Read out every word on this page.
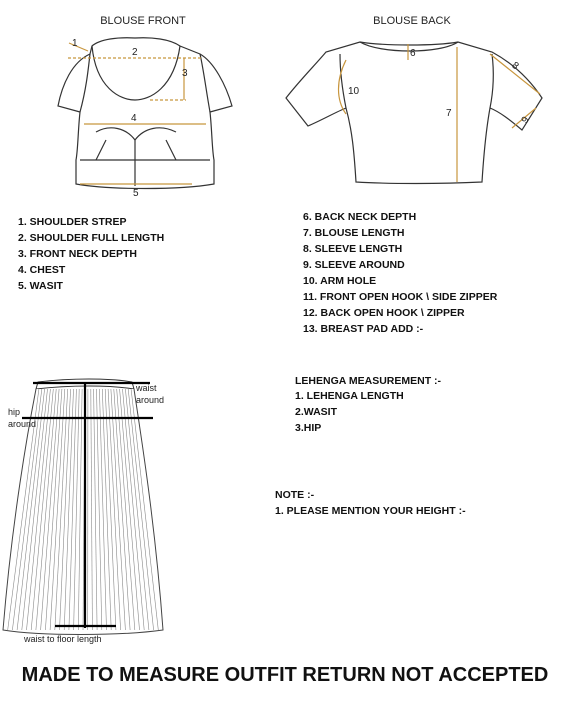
BLOUSE FRONT
1
2
3
4
5
BLOUSE BACK
6
7
8
9
10
waist
around
hip
around
waist to floor length
1. SHOULDER STREP
2. SHOULDER FULL LENGTH
3. FRONT NECK DEPTH
4. CHEST
5. WASIT
6. BACK NECK DEPTH
7. BLOUSE LENGTH
8. SLEEVE LENGTH
9. SLEEVE AROUND
10. ARM HOLE
11. FRONT OPEN HOOK \ SIDE ZIPPER
12. BACK OPEN HOOK \ ZIPPER
13. BREAST PAD ADD :-
LEHENGA MEASUREMENT :-
1. LEHENGA LENGTH
2.WASIT
3.HIP
NOTE :-
1. PLEASE MENTION YOUR HEIGHT :-
MADE TO MEASURE OUTFIT RETURN NOT ACCEPTED
